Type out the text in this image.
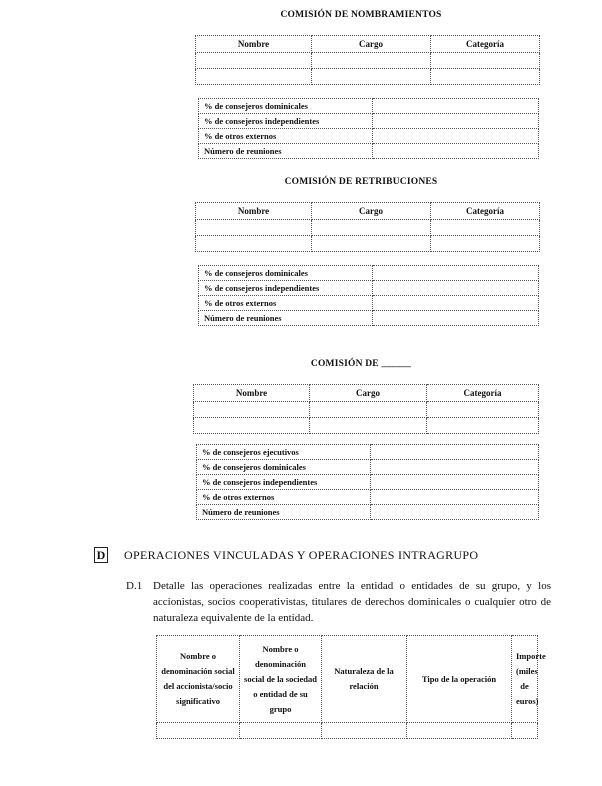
COMISIÓN DE NOMBRAMIENTOS
Nombre	Cargo	Categoría

% de consejeros dominicales	
% de consejeros independientes	
% de otros externos	
Número de reuniones	
COMISIÓN DE RETRIBUCIONES
Nombre	Cargo	Categoría

% de consejeros dominicales	
% de consejeros independientes	
% de otros externos	
Número de reuniones	
COMISIÓN DE ______
Nombre	Cargo	Categoría

% de consejeros ejecutivos	
% de consejeros dominicales	
% de consejeros independientes	
% de otros externos	
Número de reuniones	
D OPERACIONES VINCULADAS Y OPERACIONES INTRAGRUPO
D.1 Detalle las operaciones realizadas entre la entidad o entidades de su grupo, y los accionistas, socios cooperativistas, titulares de derechos dominicales o cualquier otro de naturaleza equivalente de la entidad.
Nombre o denominación social del accionista/socio significativo	Nombre o denominación social de la sociedad o entidad de su grupo	Naturaleza de la relación	Tipo de la operación	Importe (miles de euros)
